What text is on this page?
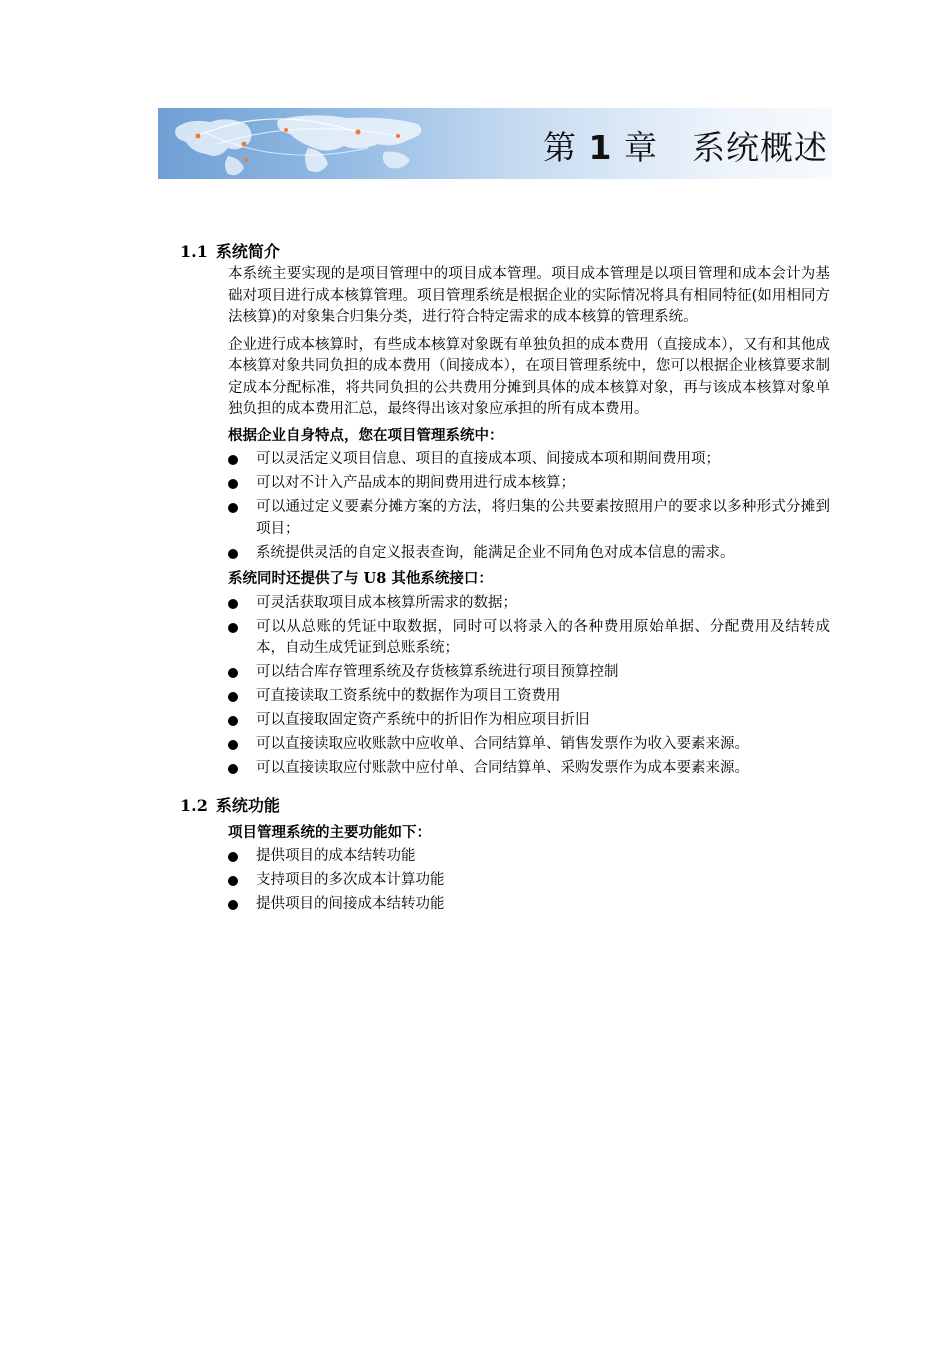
第 1 章 系统概述
1.1 系统简介

本系统主要实现的是项目管理中的项目成本管理。项目成本管理是以项目管理和成本会计为基础对项目进行成本核算管理。项目管理系统是根据企业的实际情况将具有相同特征(如用相同方法核算)的对象集合归集分类，进行符合特定需求的成本核算的管理系统。

企业进行成本核算时，有些成本核算对象既有单独负担的成本费用（直接成本），又有和其他成本核算对象共同负担的成本费用（间接成本），在项目管理系统中，您可以根据企业核算要求制定成本分配标准，将共同负担的公共费用分摊到具体的成本核算对象，再与该成本核算对象单独负担的成本费用汇总，最终得出该对象应承担的所有成本费用。

根据企业自身特点，您在项目管理系统中：
可以灵活定义项目信息、项目的直接成本项、间接成本项和期间费用项；
可以对不计入产品成本的期间费用进行成本核算；
可以通过定义要素分摊方案的方法，将归集的公共要素按照用户的要求以多种形式分摊到项目；
系统提供灵活的自定义报表查询，能满足企业不同角色对成本信息的需求。
系统同时还提供了与 U8 其他系统接口：
可灵活获取项目成本核算所需求的数据；
可以从总账的凭证中取数据，同时可以将录入的各种费用原始单据、分配费用及结转成本，自动生成凭证到总账系统；
可以结合库存管理系统及存货核算系统进行项目预算控制
可直接读取工资系统中的数据作为项目工资费用
可以直接取固定资产系统中的折旧作为相应项目折旧
可以直接读取应收账款中应收单、合同结算单、销售发票作为收入要素来源。
可以直接读取应付账款中应付单、合同结算单、采购发票作为成本要素来源。
1.2 系统功能
项目管理系统的主要功能如下：
提供项目的成本结转功能
支持项目的多次成本计算功能
提供项目的间接成本结转功能
